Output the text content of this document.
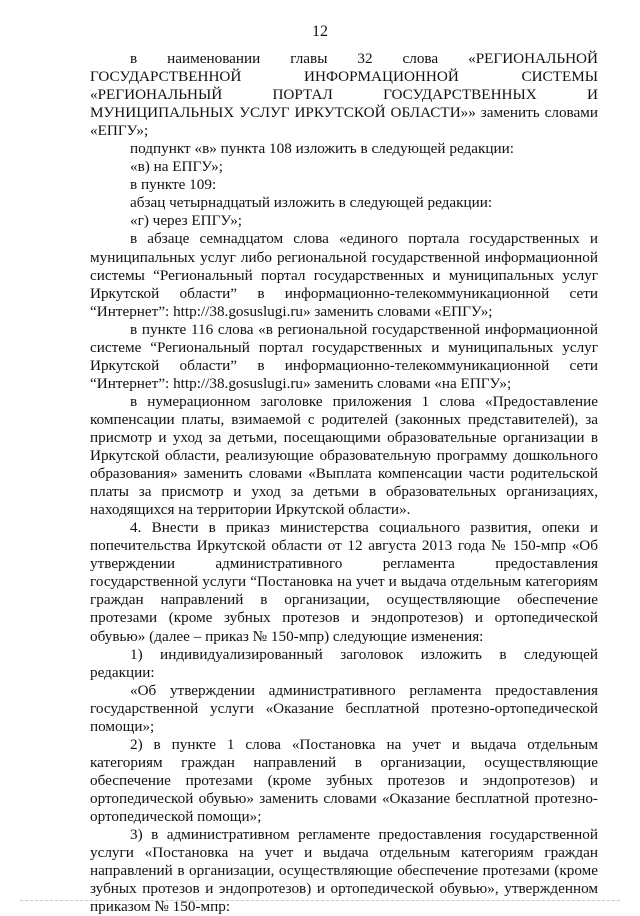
12

в наименовании главы 32 слова «РЕГИОНАЛЬНОЙ ГОСУДАРСТВЕННОЙ ИНФОРМАЦИОННОЙ СИСТЕМЫ «РЕГИОНАЛЬНЫЙ ПОРТАЛ ГОСУДАРСТВЕННЫХ И МУНИЦИПАЛЬНЫХ УСЛУГ ИРКУТСКОЙ ОБЛАСТИ»» заменить словами «ЕПГУ»;

подпункт «в» пункта 108 изложить в следующей редакции:

«в) на ЕПГУ»;

в пункте 109:

абзац четырнадцатый изложить в следующей редакции:

«г) через ЕПГУ»;

в абзаце семнадцатом слова «единого портала государственных и муниципальных услуг либо региональной государственной информационной системы “Региональный портал государственных и муниципальных услуг Иркутской области” в информационно-телекоммуникационной сети “Интернет”: http://38.gosuslugi.ru» заменить словами «ЕПГУ»;

в пункте 116 слова «в региональной государственной информационной системе “Региональный портал государственных и муниципальных услуг Иркутской области” в информационно-телекоммуникационной сети “Интернет”: http://38.gosuslugi.ru» заменить словами «на ЕПГУ»;

в нумерационном заголовке приложения 1 слова «Предоставление компенсации платы, взимаемой с родителей (законных представителей), за присмотр и уход за детьми, посещающими образовательные организации в Иркутской области, реализующие образовательную программу дошкольного образования» заменить словами «Выплата компенсации части родительской платы за присмотр и уход за детьми в образовательных организациях, находящихся на территории Иркутской области».

4. Внести в приказ министерства социального развития, опеки и попечительства Иркутской области от 12 августа 2013 года № 150-мпр «Об утверждении административного регламента предоставления государственной услуги “Постановка на учет и выдача отдельным категориям граждан направлений в организации, осуществляющие обеспечение протезами (кроме зубных протезов и эндопротезов) и ортопедической обувью» (далее – приказ № 150-мпр) следующие изменения:

1) индивидуализированный заголовок изложить в следующей редакции:

«Об утверждении административного регламента предоставления государственной услуги «Оказание бесплатной протезно-ортопедической помощи»;

2) в пункте 1 слова «Постановка на учет и выдача отдельным категориям граждан направлений в организации, осуществляющие обеспечение протезами (кроме зубных протезов и эндопротезов) и ортопедической обувью» заменить словами «Оказание бесплатной протезно-ортопедической помощи»;

3) в административном регламенте предоставления государственной услуги «Постановка на учет и выдача отдельным категориям граждан направлений в организации, осуществляющие обеспечение протезами (кроме зубных протезов и эндопротезов) и ортопедической обувью», утвержденном приказом № 150-мпр:
